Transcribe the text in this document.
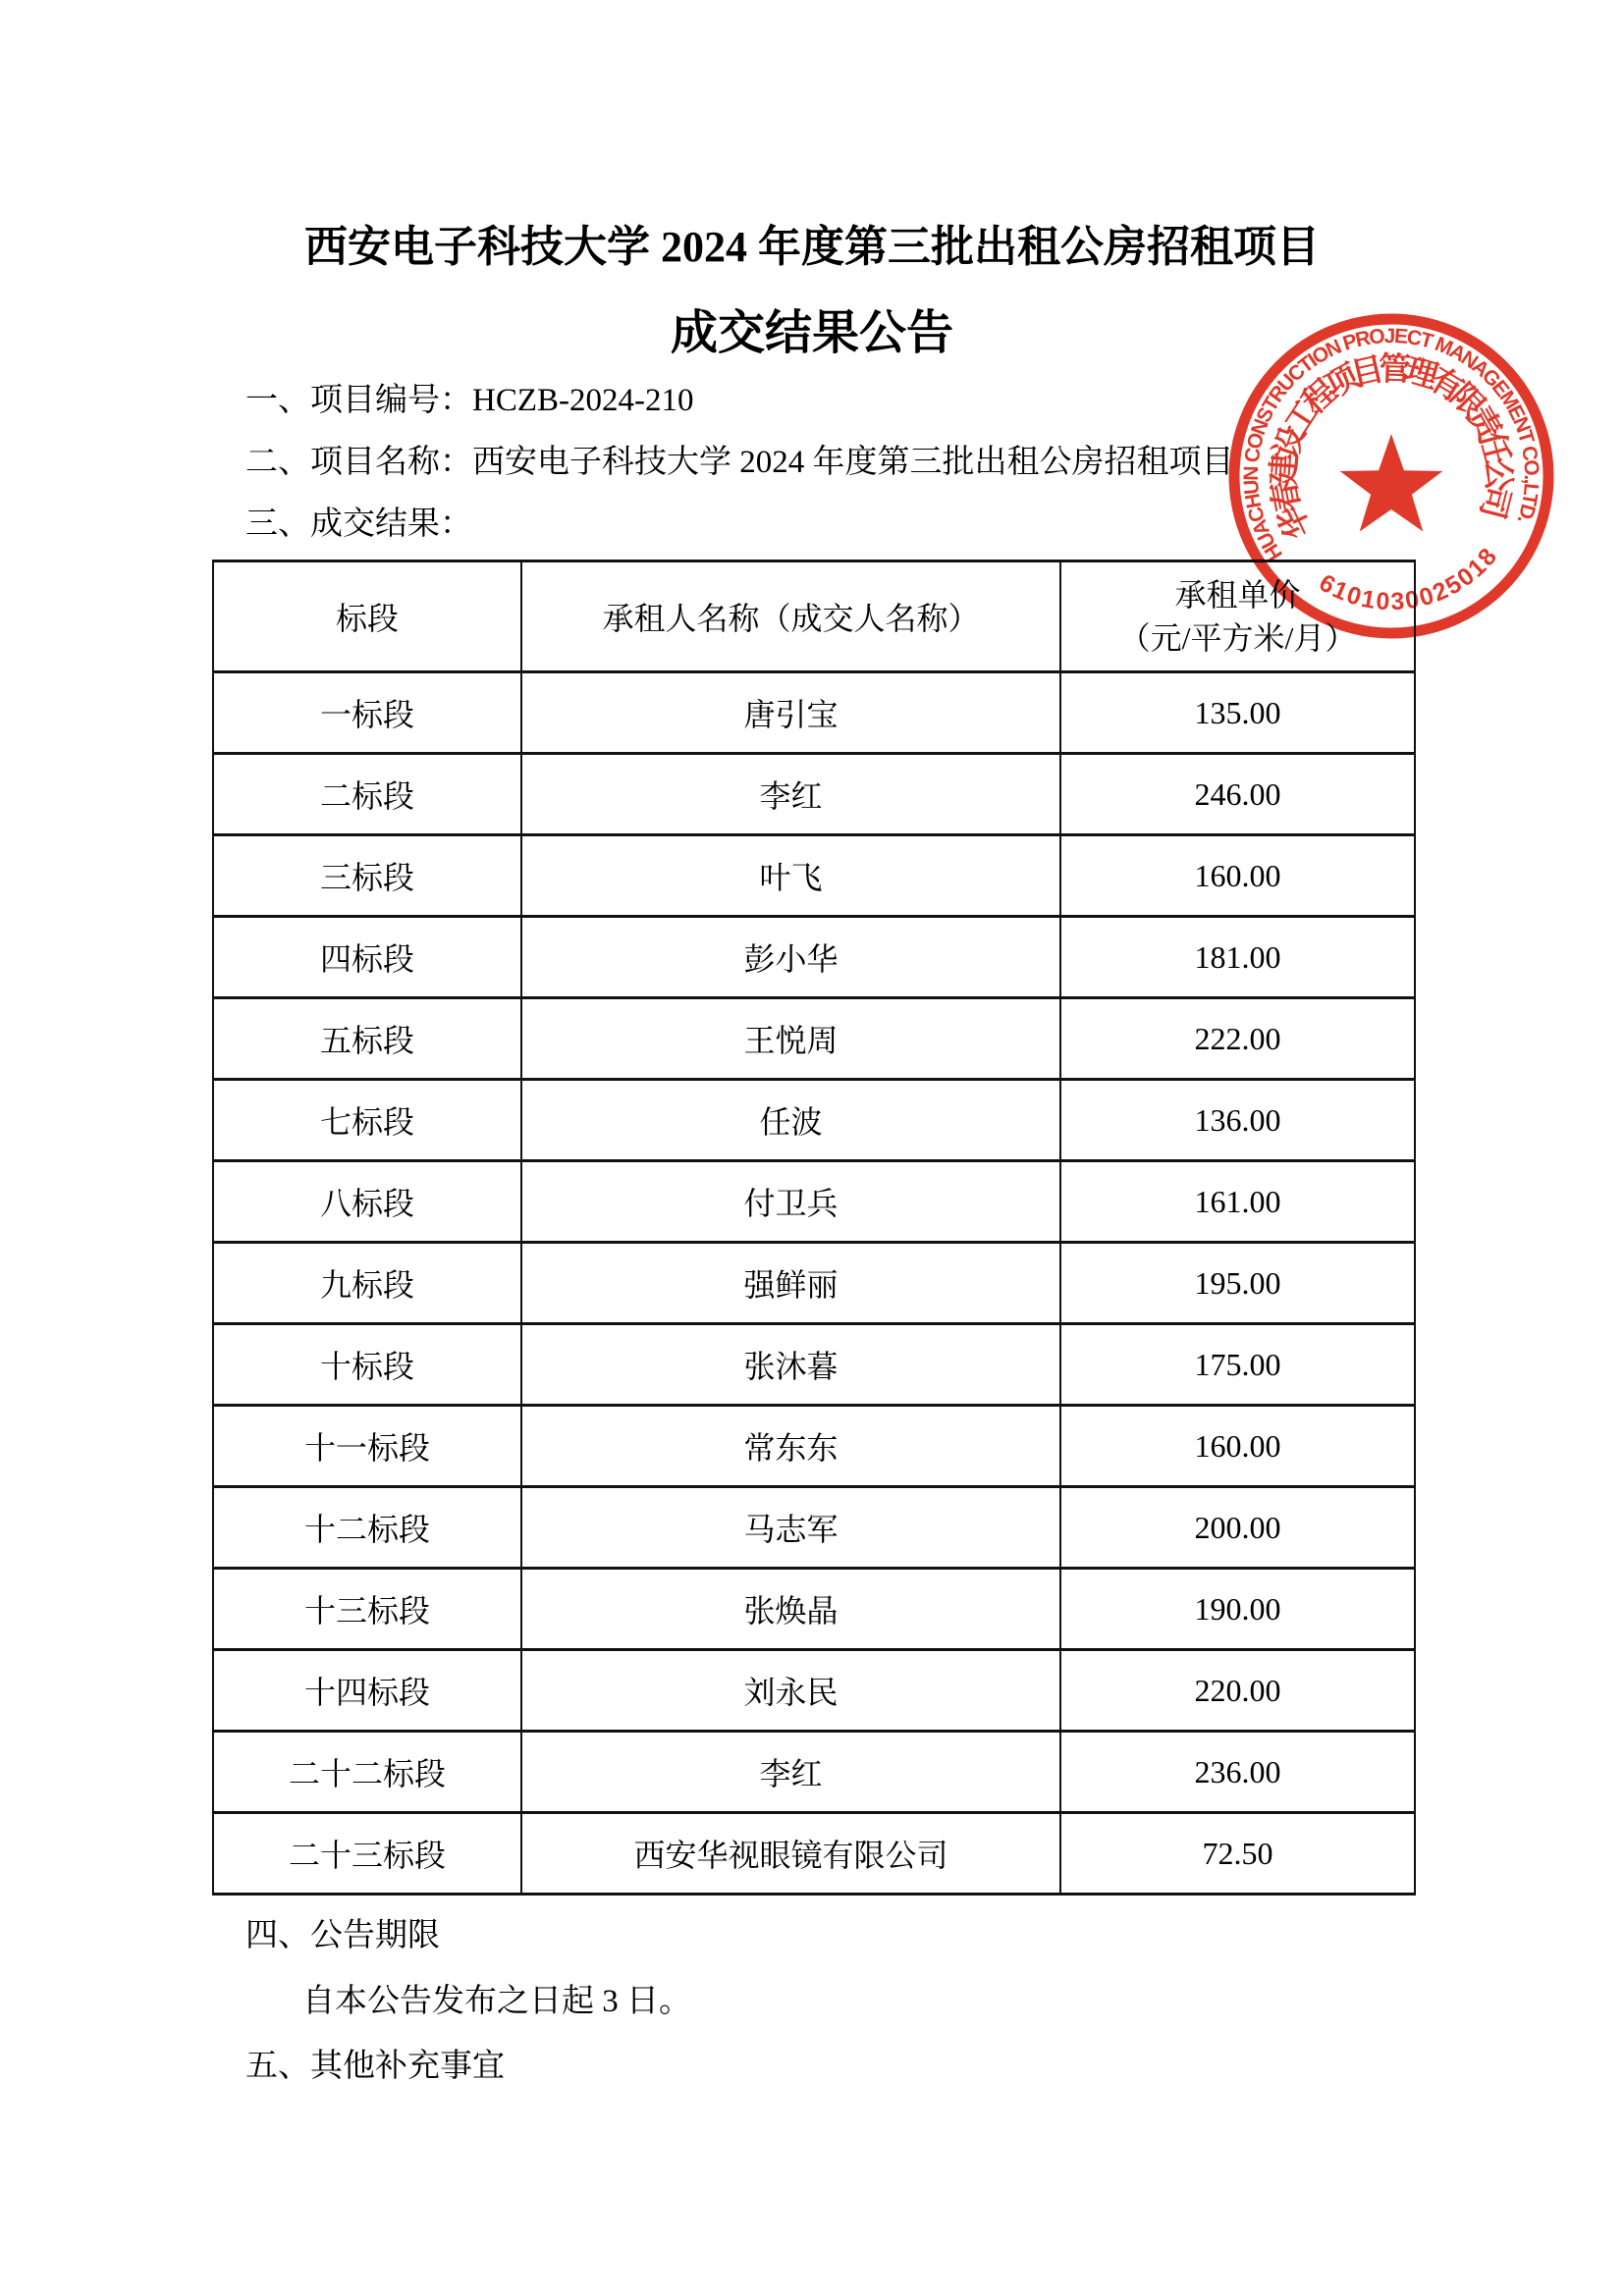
西安电子科技大学 2024 年度第三批出租公房招租项目
成交结果公告
一、项目编号：HCZB-2024-210
二、项目名称：西安电子科技大学 2024 年度第三批出租公房招租项目
三、成交结果：
标段	承租人名称（成交人名称）	承租单价
（元/平方米/月）

一标段	唐引宝	135.00
二标段	李红	246.00
三标段	叶飞	160.00
四标段	彭小华	181.00
五标段	王悦周	222.00
七标段	任波	136.00
八标段	付卫兵	161.00
九标段	强鲜丽	195.00
十标段	张沐暮	175.00
十一标段	常东东	160.00
十二标段	马志军	200.00
十三标段	张焕晶	190.00
十四标段	刘永民	220.00
二十二标段	李红	236.00
二十三标段	西安华视眼镜有限公司	72.50
四、公告期限
自本公告发布之日起 3 日。
五、其他补充事宜
HUACHUN CONSTRUCTION PROJECT MANAGEMENT CO.,LTD.
华春建设工程项目管理有限责任公司
6101030025018
